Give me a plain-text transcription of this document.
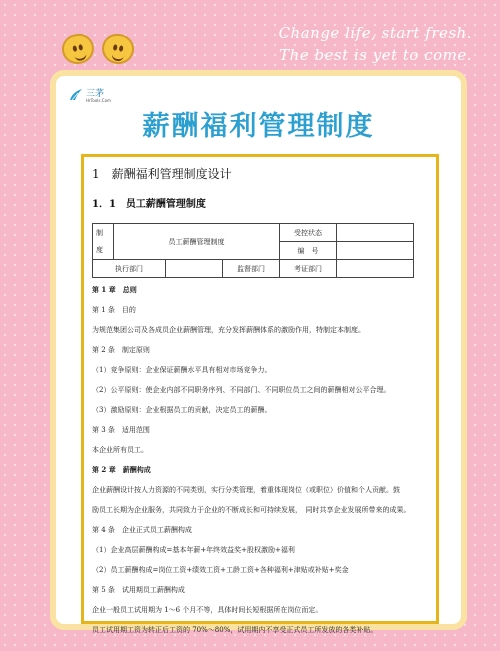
Change life, start fresh.
The best is yet to come.
三茅
HrTools.Com
薪酬福利管理制度
1　薪酬福利管理制度设计
1．1　员工薪酬管理制度
制	员工薪酬管理制度			受控状态	
度				编　号	
执行部门			监督部门	考证部门	
第 1 章　总则
第 1 条　目的
为规范集团公司及各成员企业薪酬管理，充分发挥薪酬体系的激励作用，特制定本制度。
第 2 条　制定原则
（1）竞争原则：企业保证薪酬水平具有相对市场竞争力。
（2）公平原则：使企业内部不同职务序列、不同部门、不同职位员工之间的薪酬相对公平合理。
（3）激励原则：企业根据员工的贡献，决定员工的薪酬。
第 3 条　适用范围
本企业所有员工。
第 2 章　薪酬构成
企业薪酬设计按人力资源的不同类别，实行分类管理，着重体现岗位（或职位）价值和个人贡献。鼓
励员工长期为企业服务，共同致力于企业的不断成长和可持续发展，　同时共享企业发展所带来的成果。
第 4 条　企业正式员工薪酬构成
（1）企业高层薪酬构成=基本年薪+年终效益奖+股权激励+福利
（2）员工薪酬构成=岗位工资+绩效工资+工龄工资+各种福利+津贴或补贴+奖金
第 5 条　试用期员工薪酬构成
企业一般员工试用期为 1～6 个月不等，具体时间长短根据所在岗位而定。
员工试用期工资为转正后工资的 70%～80%，试用期内不享受正式员工所发放的各类补贴。
